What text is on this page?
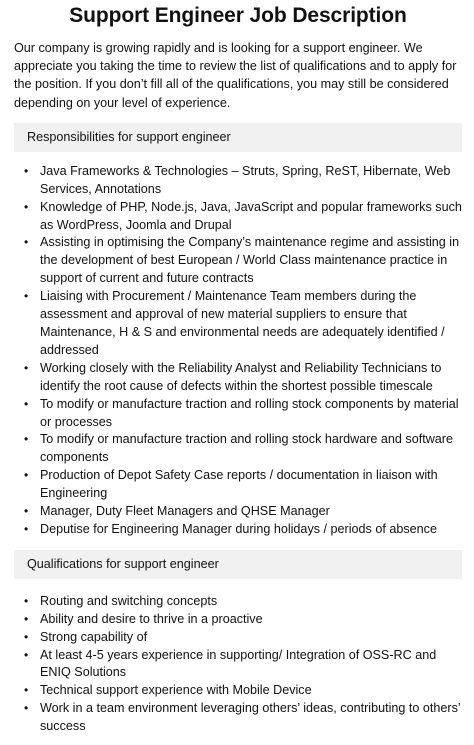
Support Engineer Job Description

Our company is growing rapidly and is looking for a support engineer. We appreciate you taking the time to review the list of qualifications and to apply for the position. If you don’t fill all of the qualifications, you may still be considered depending on your level of experience.

Responsibilities for support engineer
• Java Frameworks & Technologies – Struts, Spring, ReST, Hibernate, Web Services, Annotations
• Knowledge of PHP, Node.js, Java, JavaScript and popular frameworks such as WordPress, Joomla and Drupal
• Assisting in optimising the Company’s maintenance regime and assisting in the development of best European / World Class maintenance practice in support of current and future contracts
• Liaising with Procurement / Maintenance Team members during the assessment and approval of new material suppliers to ensure that Maintenance, H & S and environmental needs are adequately identified / addressed
• Working closely with the Reliability Analyst and Reliability Technicians to identify the root cause of defects within the shortest possible timescale
• To modify or manufacture traction and rolling stock components by material or processes
• To modify or manufacture traction and rolling stock hardware and software components
• Production of Depot Safety Case reports / documentation in liaison with Engineering
• Manager, Duty Fleet Managers and QHSE Manager
• Deputise for Engineering Manager during holidays / periods of absence
Qualifications for support engineer
• Routing and switching concepts
• Ability and desire to thrive in a proactive
• Strong capability of
• At least 4-5 years experience in supporting/ Integration of OSS-RC and ENIQ Solutions
• Technical support experience with Mobile Device
• Work in a team environment leveraging others’ ideas, contributing to others’ success
